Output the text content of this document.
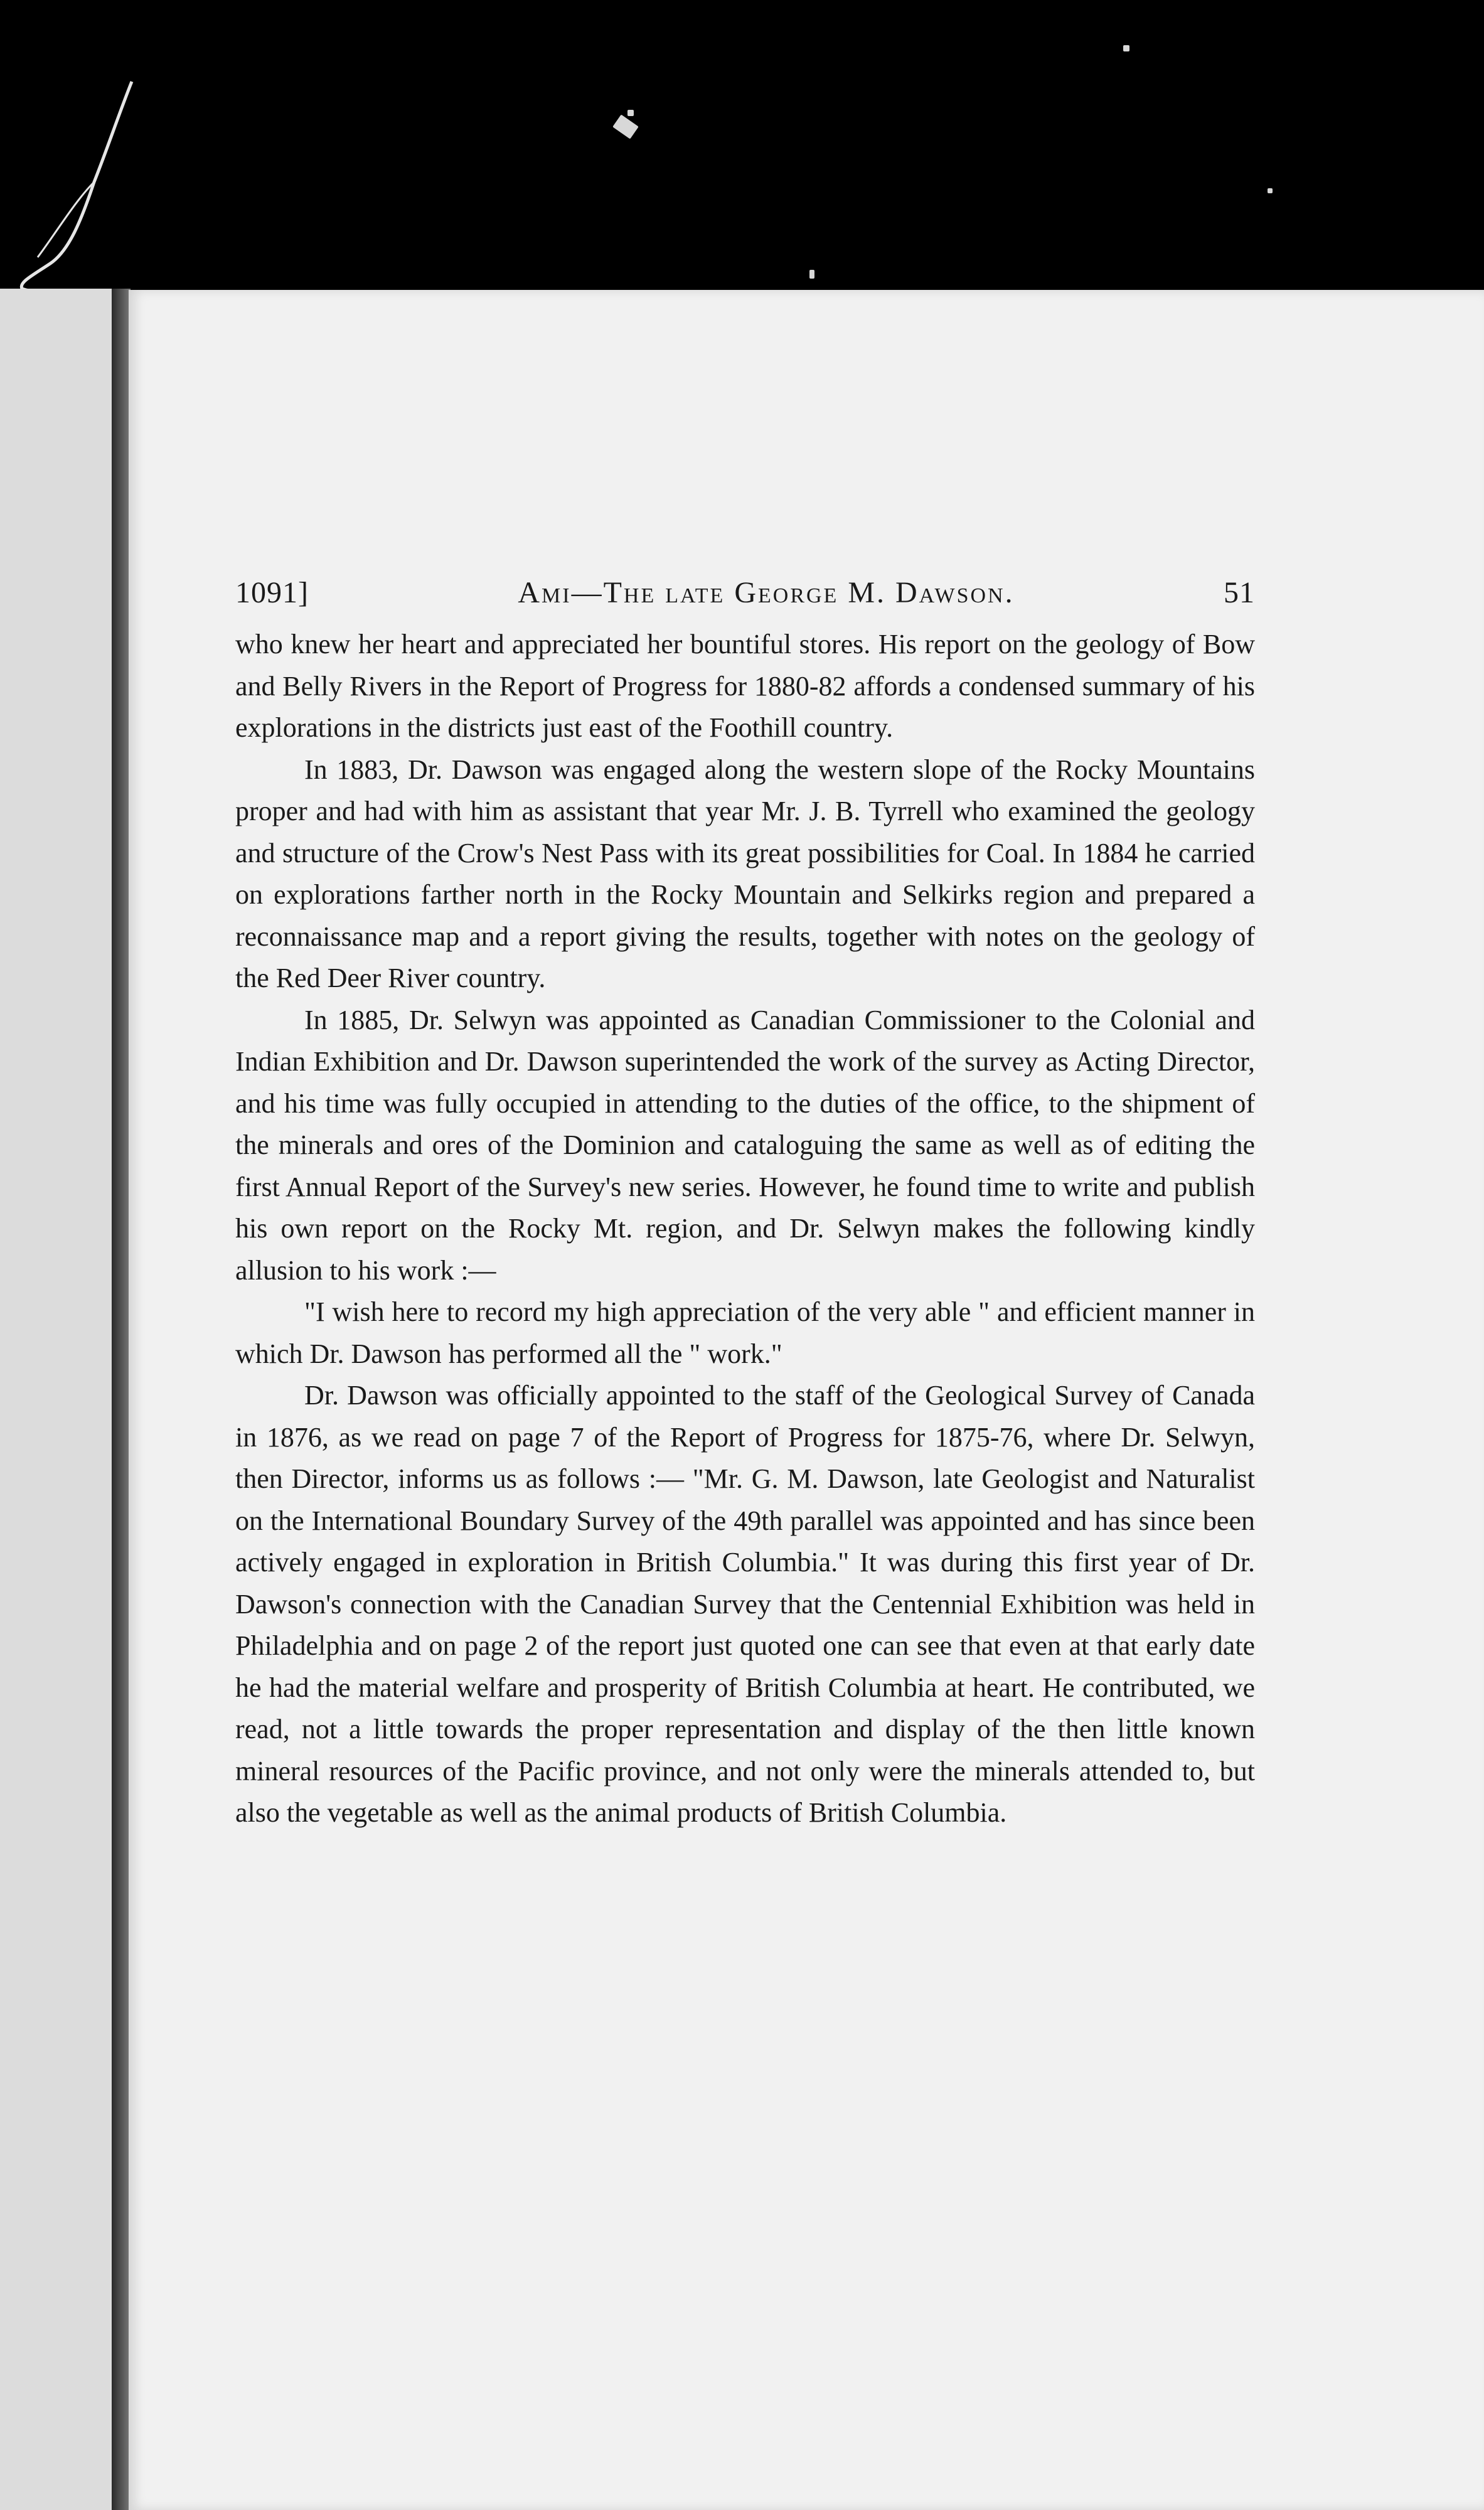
1091]	Ami—The late George M. Dawson.	51

who knew her heart and appreciated her bountiful stores. His report on the geology of Bow and Belly Rivers in the Report of Progress for 1880-82 affords a condensed summary of his explorations in the districts just east of the Foothill country.

In 1883, Dr. Dawson was engaged along the western slope of the Rocky Mountains proper and had with him as assistant that year Mr. J. B. Tyrrell who examined the geology and structure of the Crow's Nest Pass with its great possibilities for Coal. In 1884 he carried on explorations farther north in the Rocky Mountain and Selkirks region and prepared a reconnaissance map and a report giving the results, together with notes on the geology of the Red Deer River country.

In 1885, Dr. Selwyn was appointed as Canadian Commissioner to the Colonial and Indian Exhibition and Dr. Dawson superintended the work of the survey as Acting Director, and his time was fully occupied in attending to the duties of the office, to the shipment of the minerals and ores of the Dominion and cataloguing the same as well as of editing the first Annual Report of the Survey's new series. However, he found time to write and publish his own report on the Rocky Mt. region, and Dr. Selwyn makes the following kindly allusion to his work :—

"I wish here to record my high appreciation of the very able " and efficient manner in which Dr. Dawson has performed all the " work."

Dr. Dawson was officially appointed to the staff of the Geological Survey of Canada in 1876, as we read on page 7 of the Report of Progress for 1875-76, where Dr. Selwyn, then Director, informs us as follows :— "Mr. G. M. Dawson, late Geologist and Naturalist on the International Boundary Survey of the 49th parallel was appointed and has since been actively engaged in exploration in British Columbia." It was during this first year of Dr. Dawson's connection with the Canadian Survey that the Centennial Exhibition was held in Philadelphia and on page 2 of the report just quoted one can see that even at that early date he had the material welfare and prosperity of British Columbia at heart. He contributed, we read, not a little towards the proper representation and display of the then little known mineral resources of the Pacific province, and not only were the minerals attended to, but also the vegetable as well as the animal products of British Columbia.
